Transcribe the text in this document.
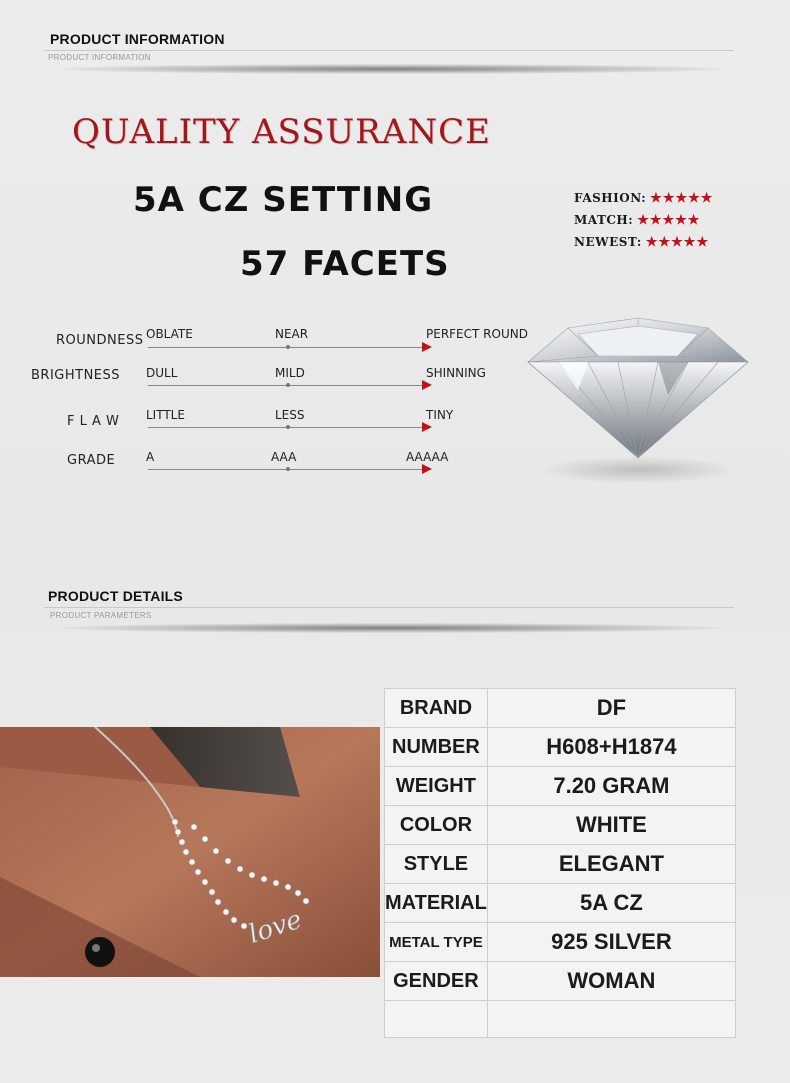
PRODUCT INFORMATION
PRODUCT INFORMATION
QUALITY ASSURANCE
5A CZ SETTING
57 FACETS
FASHION: ★★★★★
MATCH: ★★★★★
NEWEST: ★★★★★
ROUNDNESS OBLATE	NEAR	PERFECT ROUND
BRIGHTNESS DULL	MILD	SHINNING
F L A W LITTLE	LESS	TINY
GRADE	A	AAA	AAAAA
PRODUCT DETAILS
PRODUCT PARAMETERS
love
BRAND	DF
NUMBER	H608+H1874
WEIGHT	7.20 GRAM
COLOR	WHITE
STYLE	ELEGANT
MATERIAL	5A CZ
METAL TYPE	925 SILVER
GENDER	WOMAN
